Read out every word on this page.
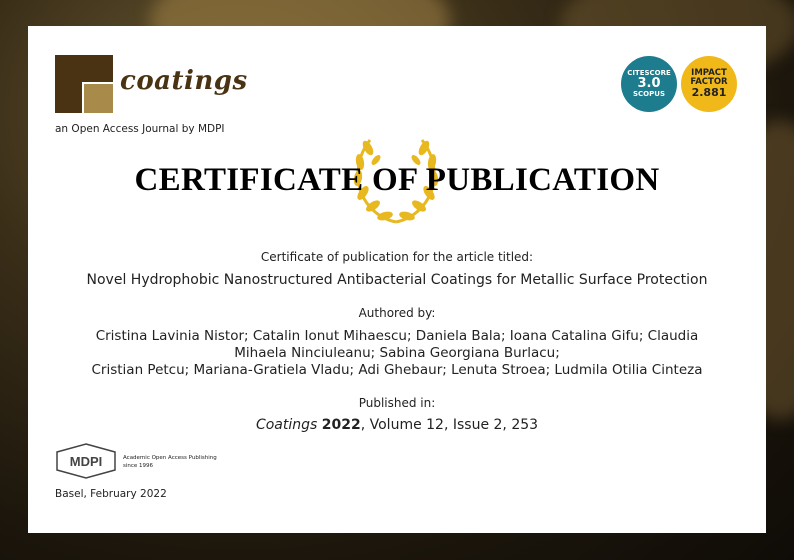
coatings
an Open Access Journal by MDPI
CITESCORE
3.0
SCOPUS
IMPACT
FACTOR
2.881
CERTIFICATE OF PUBLICATION
Certificate of publication for the article titled:
Novel Hydrophobic Nanostructured Antibacterial Coatings for Metallic Surface Protection
Authored by:
Cristina Lavinia Nistor; Catalin Ionut Mihaescu; Daniela Bala; Ioana Catalina Gifu; Claudia
Mihaela Ninciuleanu; Sabina Georgiana Burlacu;
Cristian Petcu; Mariana-Gratiela Vladu; Adi Ghebaur; Lenuta Stroea; Ludmila Otilia Cinteza
Published in:
Coatings 2022, Volume 12, Issue 2, 253
MDPI	Academic Open Access Publishing
since 1996
Basel, February 2022
